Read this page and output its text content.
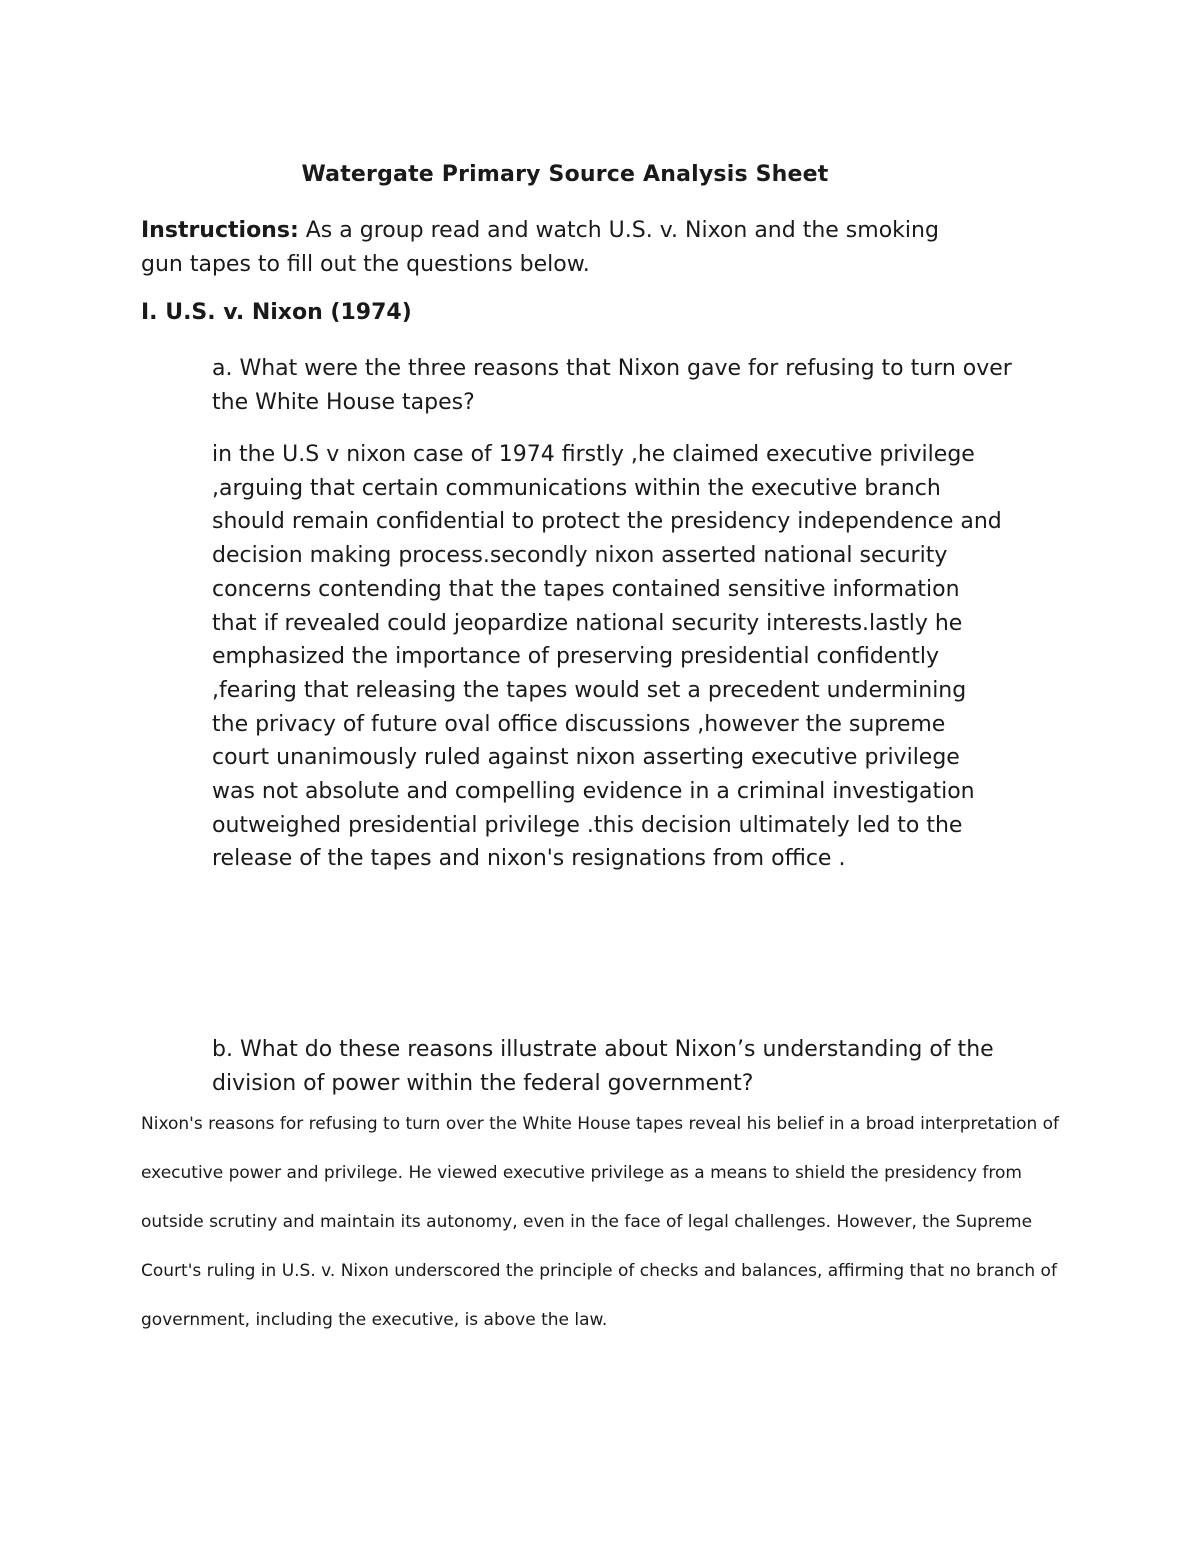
Watergate Primary Source Analysis Sheet
Instructions: As a group read and watch U.S. v. Nixon and the smoking gun tapes to fill out the questions below.
I. U.S. v. Nixon (1974)
a. What were the three reasons that Nixon gave for refusing to turn over the White House tapes?
in the U.S v nixon case of 1974 firstly ,he claimed executive privilege ,arguing that certain communications within the executive branch should remain confidential to protect the presidency independence and decision making process.secondly nixon asserted national security concerns contending that the tapes contained sensitive information that if revealed could jeopardize national security interests.lastly he emphasized the importance of preserving presidential confidently ,fearing that releasing the tapes would set a precedent undermining the privacy of future oval office discussions ,however the supreme court unanimously ruled against nixon asserting executive privilege was not absolute and compelling evidence in a criminal investigation outweighed presidential privilege .this decision ultimately led to the release of the tapes and nixon's resignations from office .
b. What do these reasons illustrate about Nixon’s understanding of the division of power within the federal government?
Nixon's reasons for refusing to turn over the White House tapes reveal his belief in a broad interpretation of executive power and privilege. He viewed executive privilege as a means to shield the presidency from outside scrutiny and maintain its autonomy, even in the face of legal challenges. However, the Supreme Court's ruling in U.S. v. Nixon underscored the principle of checks and balances, affirming that no branch of government, including the executive, is above the law.
